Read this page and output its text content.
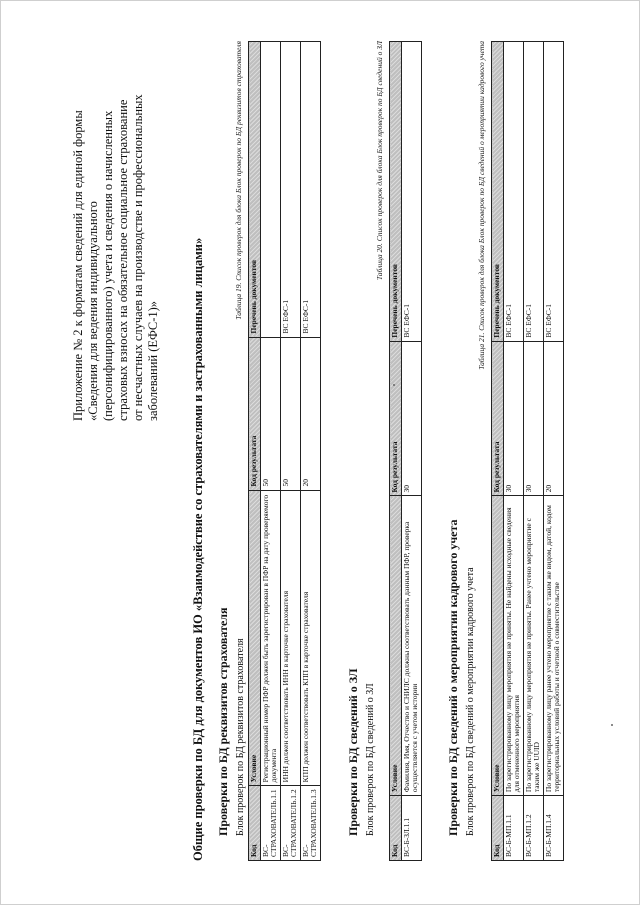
Приложение № 2 к форматам сведений для единой формы «Сведения для ведения индивидуального (персонифицированного) учета и сведения о начисленных страховых взносах на обязательное социальное страхование от несчастных случаев на производстве и профессиональных заболеваний (ЕФС-1)» Общие проверки по БД для документов ИО «Взаимодействие со страхователями и застрахованными лицами» Проверки по БД реквизитов страхователя Блок проверок по БД реквизитов страхователя
Таблица 19. Список проверок для блока Блок проверок по БД реквизитов страхователя
Код	Условие	Код результата	Перечень документов
ВС-СТРАХОВАТЕЛЬ.1.1	Регистрационный номер ПФР должен быть зарегистрирован в ПФР на дату проверяемого документа	50	
ВС-СТРАХОВАТЕЛЬ.1.2	ИНН должен соответствовать ИНН в карточке страхователя	50	ВС ЕФС-1
ВС-СТРАХОВАТЕЛЬ.1.3	КПП должен соответствовать КПП в карточке страхователя	20	ВС ЕФС-1
Проверки по БД сведений о ЗЛ Блок проверок по БД сведений о ЗЛ
Таблица 20. Список проверок для блока Блок проверок по БД сведений о ЗЛ
Код	Условие	Код результата	Перечень документов
ВС-Б-ЗЛ.1.1	Фамилия, Имя, Отчество и СНИЛС должны соответствовать данным ПФР, проверка осуществляется с учетом истории	30	ВС ЕФС-1
Проверки по БД сведений о мероприятии кадрового учета Блок проверок по БД сведений о мероприятии кадрового учета
Таблица 21. Список проверок для блока Блок проверок по БД сведений о мероприятии кадрового учета
Код	Условие	Код результата	Перечень документов
ВС-Б-МП.1.1	По зарегистрированному лицу мероприятия не приняты. Не найдены исходные сведения для отмененного мероприятия	30	ВС ЕФС-1
ВС-Б-МП.1.2	По зарегистрированному лицу мероприятия не приняты. Ранее учтено мероприятие с таким же UUID	30	ВС ЕФС-1
ВС-Б-МП.1.4	По зарегистрированному лицу ранее учтено мероприятие с таким же видом, датой, кодом территориальных условий работы и отчетной о совместительстве	20	ВС ЕФС-1
